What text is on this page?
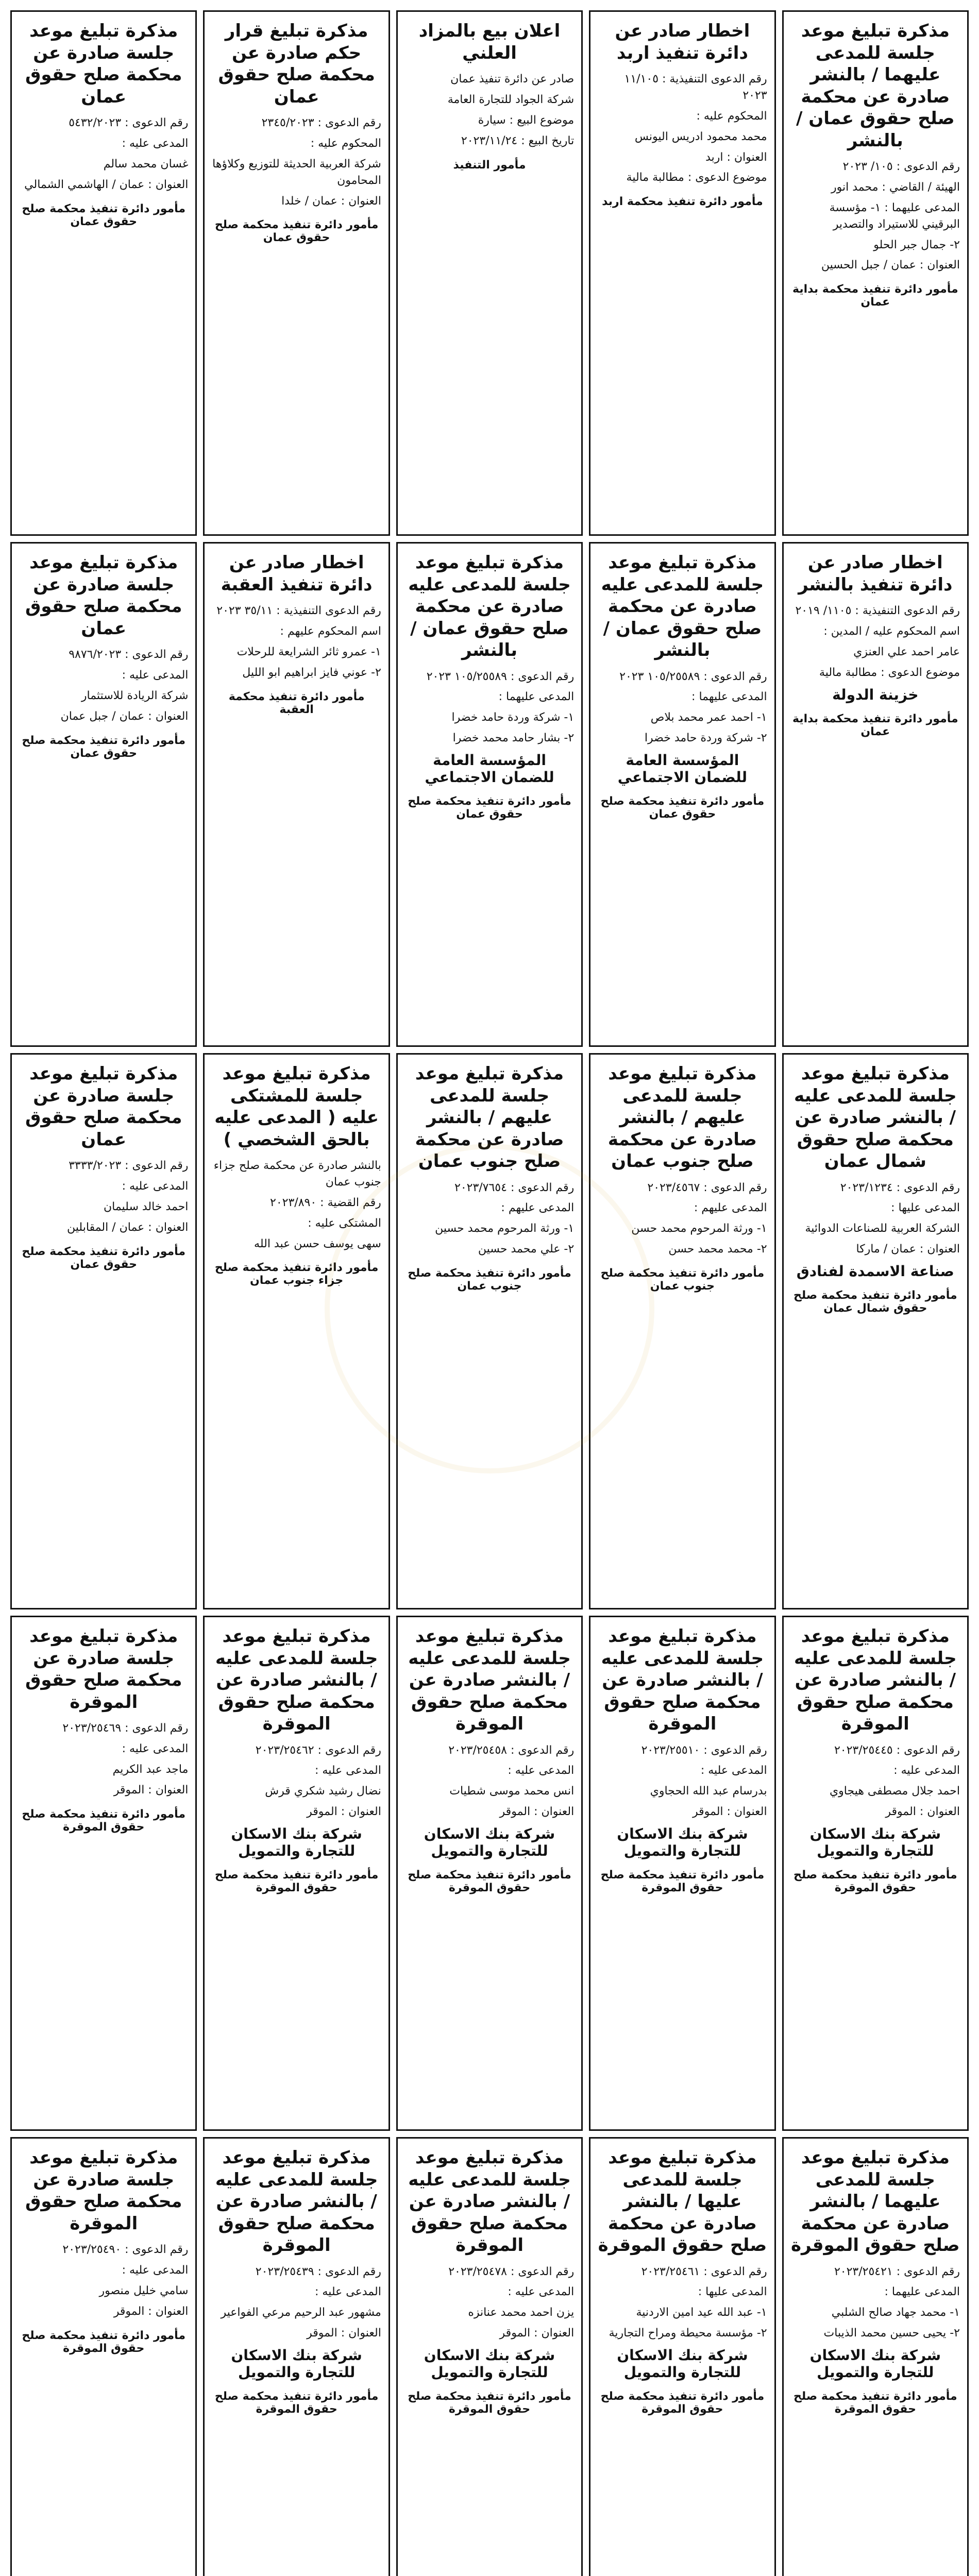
مذكرة تبليغ موعد جلسة للمدعى عليهما / بالنشر صادرة عن محكمة صلح حقوق عمان / بالنشر

رقم الدعوى : ١٠٥/ ٢٠٢٣

الهيئة / القاضي : محمد انور

المدعى عليهما : ١- مؤسسة البرقيني للاستيراد والتصدير

٢- جمال جبر الحلو

العنوان : عمان / جبل الحسين

مأمور دائرة تنفيذ محكمة بداية عمان
اخطار صادر عن دائرة تنفيذ اربد

رقم الدعوى التنفيذية : ١١/١٠٥ ٢٠٢٣

المحكوم عليه :

محمد محمود ادريس اليونس

العنوان : اربد

موضوع الدعوى : مطالبة مالية

مأمور دائرة تنفيذ محكمة اربد
اعلان بيع بالمزاد العلني

صادر عن دائرة تنفيذ عمان

شركة الجواد للتجارة العامة

موضوع البيع : سيارة

تاريخ البيع : ٢٠٢٣/١١/٢٤

مأمور التنفيذ
مذكرة تبليغ قرار حكم صادرة عن محكمة صلح حقوق عمان

رقم الدعوى : ٢٣٤٥/٢٠٢٣

المحكوم عليه :

شركة العربية الحديثة للتوزيع وكلاؤها المحامون

العنوان : عمان / خلدا

مأمور دائرة تنفيذ محكمة صلح حقوق عمان
مذكرة تبليغ موعد جلسة صادرة عن محكمة صلح حقوق عمان

رقم الدعوى : ٥٤٣٢/٢٠٢٣

المدعى عليه :

غسان محمد سالم

العنوان : عمان / الهاشمي الشمالي

مأمور دائرة تنفيذ محكمة صلح حقوق عمان
اخطار صادر عن دائرة تنفيذ بالنشر

رقم الدعوى التنفيذية : ١١٠٥/ ٢٠١٩

اسم المحكوم عليه / المدين :

عامر احمد علي العنزي

موضوع الدعوى : مطالبة مالية

خزينة الدولة
مأمور دائرة تنفيذ محكمة بداية عمان
مذكرة تبليغ موعد جلسة للمدعى عليه صادرة عن محكمة صلح حقوق عمان / بالنشر

رقم الدعوى : ١٠٥/٢٥٥٨٩ ٢٠٢٣

المدعى عليهما :

١- احمد عمر محمد بلاص

٢- شركة وردة حامد خضرا

المؤسسة العامة للضمان الاجتماعي
مأمور دائرة تنفيذ محكمة صلح حقوق عمان
مذكرة تبليغ موعد جلسة للمدعى عليه صادرة عن محكمة صلح حقوق عمان / بالنشر

رقم الدعوى : ١٠٥/٢٥٥٨٩ ٢٠٢٣

المدعى عليهما :

١- شركة وردة حامد خضرا

٢- بشار حامد محمد خضرا

المؤسسة العامة للضمان الاجتماعي
مأمور دائرة تنفيذ محكمة صلح حقوق عمان
اخطار صادر عن دائرة تنفيذ العقبة

رقم الدعوى التنفيذية : ٣٥/١١ ٢٠٢٣

اسم المحكوم عليهم :

١- عمرو ثائر الشرايعة للرحلات

٢- عوني فايز ابراهيم ابو الليل

مأمور دائرة تنفيذ محكمة العقبة
مذكرة تبليغ موعد جلسة صادرة عن محكمة صلح حقوق عمان

رقم الدعوى : ٩٨٧٦/٢٠٢٣

المدعى عليه :

شركة الريادة للاستثمار

العنوان : عمان / جبل عمان

مأمور دائرة تنفيذ محكمة صلح حقوق عمان
مذكرة تبليغ موعد جلسة للمدعى عليه / بالنشر صادرة عن محكمة صلح حقوق شمال عمان

رقم الدعوى : ٢٠٢٣/١٢٣٤

المدعى عليها :

الشركة العربية للصناعات الدوائية

العنوان : عمان / ماركا

صناعة الاسمدة لفنادق
مأمور دائرة تنفيذ محكمة صلح حقوق شمال عمان
مذكرة تبليغ موعد جلسة للمدعى عليهم / بالنشر صادرة عن محكمة صلح جنوب عمان

رقم الدعوى : ٢٠٢٣/٤٥٦٧

المدعى عليهم :

١- ورثة المرحوم محمد حسن

٢- محمد محمد حسن

مأمور دائرة تنفيذ محكمة صلح جنوب عمان
مذكرة تبليغ موعد جلسة للمدعى عليهم / بالنشر صادرة عن محكمة صلح جنوب عمان

رقم الدعوى : ٢٠٢٣/٧٦٥٤

المدعى عليهم :

١- ورثة المرحوم محمد حسين

٢- علي محمد حسين

مأمور دائرة تنفيذ محكمة صلح جنوب عمان
مذكرة تبليغ موعد جلسة للمشتكى عليه ( المدعى عليه بالحق الشخصي )

بالنشر صادرة عن محكمة صلح جزاء جنوب عمان

رقم القضية : ٢٠٢٣/٨٩٠

المشتكى عليه :

سهى يوسف حسن عبد الله

مأمور دائرة تنفيذ محكمة صلح جزاء جنوب عمان
مذكرة تبليغ موعد جلسة صادرة عن محكمة صلح حقوق عمان

رقم الدعوى : ٣٣٣٣/٢٠٢٣

المدعى عليه :

احمد خالد سليمان

العنوان : عمان / المقابلين

مأمور دائرة تنفيذ محكمة صلح حقوق عمان
مذكرة تبليغ موعد جلسة للمدعى عليه / بالنشر صادرة عن محكمة صلح حقوق الموقرة

رقم الدعوى : ٢٠٢٣/٢٥٤٤٥

المدعى عليه :

احمد جلال مصطفى هيجاوي

العنوان : الموقر

شركة بنك الاسكان للتجارة والتمويل
مأمور دائرة تنفيذ محكمة صلح حقوق الموقرة
مذكرة تبليغ موعد جلسة للمدعى عليه / بالنشر صادرة عن محكمة صلح حقوق الموقرة

رقم الدعوى : ٢٠٢٣/٢٥٥١٠

المدعى عليه :

بدرسام عبد الله الحجاوي

العنوان : الموقر

شركة بنك الاسكان للتجارة والتمويل
مأمور دائرة تنفيذ محكمة صلح حقوق الموقرة
مذكرة تبليغ موعد جلسة للمدعى عليه / بالنشر صادرة عن محكمة صلح حقوق الموقرة

رقم الدعوى : ٢٠٢٣/٢٥٤٥٨

المدعى عليه :

انس محمد موسى شطيات

العنوان : الموقر

شركة بنك الاسكان للتجارة والتمويل
مأمور دائرة تنفيذ محكمة صلح حقوق الموقرة
مذكرة تبليغ موعد جلسة للمدعى عليه / بالنشر صادرة عن محكمة صلح حقوق الموقرة

رقم الدعوى : ٢٠٢٣/٢٥٤٦٢

المدعى عليه :

نضال رشيد شكري قرش

العنوان : الموقر

شركة بنك الاسكان للتجارة والتمويل
مأمور دائرة تنفيذ محكمة صلح حقوق الموقرة
مذكرة تبليغ موعد جلسة صادرة عن محكمة صلح حقوق الموقرة

رقم الدعوى : ٢٠٢٣/٢٥٤٦٩

المدعى عليه :

ماجد عبد الكريم

العنوان : الموقر

مأمور دائرة تنفيذ محكمة صلح حقوق الموقرة
مذكرة تبليغ موعد جلسة للمدعى عليهما / بالنشر صادرة عن محكمة صلح حقوق الموقرة

رقم الدعوى : ٢٠٢٣/٢٥٤٢١

المدعى عليهما :

١- محمد جهاد صالح الشلبي

٢- يحيى حسين محمد الذيبات

شركة بنك الاسكان للتجارة والتمويل
مأمور دائرة تنفيذ محكمة صلح حقوق الموقرة
مذكرة تبليغ موعد جلسة للمدعى عليها / بالنشر صادرة عن محكمة صلح حقوق الموقرة

رقم الدعوى : ٢٠٢٣/٢٥٤٦١

المدعى عليها :

١- عبد الله عيد امين الاردنية

٢- مؤسسة محيطة ومراح التجارية

شركة بنك الاسكان للتجارة والتمويل
مأمور دائرة تنفيذ محكمة صلح حقوق الموقرة
مذكرة تبليغ موعد جلسة للمدعى عليه / بالنشر صادرة عن محكمة صلح حقوق الموقرة

رقم الدعوى : ٢٠٢٣/٢٥٤٧٨

المدعى عليه :

يزن احمد محمد عنانزه

العنوان : الموقر

شركة بنك الاسكان للتجارة والتمويل
مأمور دائرة تنفيذ محكمة صلح حقوق الموقرة
مذكرة تبليغ موعد جلسة للمدعى عليه / بالنشر صادرة عن محكمة صلح حقوق الموقرة

رقم الدعوى : ٢٠٢٣/٢٥٤٣٩

المدعى عليه :

مشهور عبد الرحيم مرعي الفواعير

العنوان : الموقر

شركة بنك الاسكان للتجارة والتمويل
مأمور دائرة تنفيذ محكمة صلح حقوق الموقرة
مذكرة تبليغ موعد جلسة صادرة عن محكمة صلح حقوق الموقرة

رقم الدعوى : ٢٠٢٣/٢٥٤٩٠

المدعى عليه :

سامي خليل منصور

العنوان : الموقر

مأمور دائرة تنفيذ محكمة صلح حقوق الموقرة
